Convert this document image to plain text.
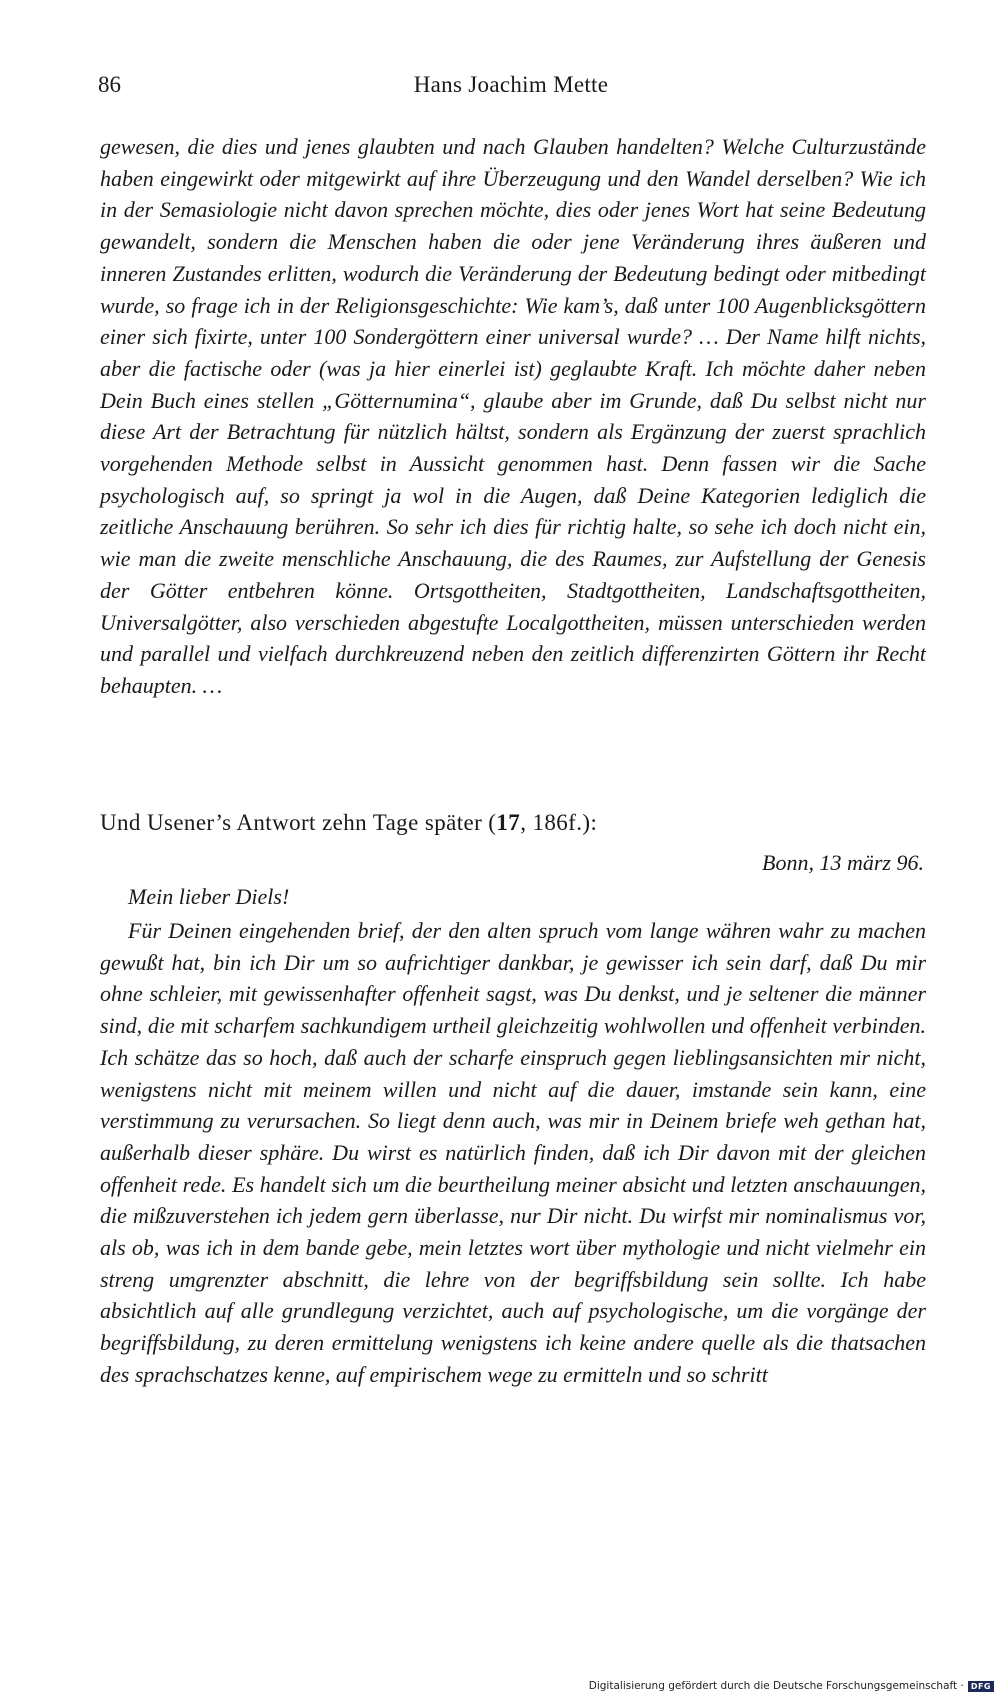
86	Hans Joachim Mette

gewesen, die dies und jenes glaubten und nach Glauben handelten? Welche Culturzustände haben eingewirkt oder mitgewirkt auf ihre Überzeugung und den Wandel derselben? Wie ich in der Semasiologie nicht davon sprechen möchte, dies oder jenes Wort hat seine Bedeutung gewandelt, sondern die Menschen haben die oder jene Veränderung ihres äußeren und inneren Zustandes erlitten, wodurch die Veränderung der Bedeutung bedingt oder mitbedingt wurde, so frage ich in der Religionsgeschichte: Wie kam’s, daß unter 100 Augenblicksgöttern einer sich fixirte, unter 100 Sondergöttern einer universal wurde? … Der Name hilft nichts, aber die factische oder (was ja hier einerlei ist) geglaubte Kraft. Ich möchte daher neben Dein Buch eines stellen „Götternumina“, glaube aber im Grunde, daß Du selbst nicht nur diese Art der Betrachtung für nützlich hältst, sondern als Ergänzung der zuerst sprachlich vorgehenden Methode selbst in Aussicht genommen hast. Denn fassen wir die Sache psychologisch auf, so springt ja wol in die Augen, daß Deine Kategorien lediglich die zeitliche Anschauung berühren. So sehr ich dies für richtig halte, so sehe ich doch nicht ein, wie man die zweite menschliche Anschauung, die des Raumes, zur Aufstellung der Genesis der Götter entbehren könne. Ortsgottheiten, Stadtgottheiten, Landschaftsgottheiten, Universalgötter, also verschieden abgestufte Localgottheiten, müssen unterschieden werden und parallel und vielfach durchkreuzend neben den zeitlich differenzirten Göttern ihr Recht behaupten. …

Und Usener’s Antwort zehn Tage später (17, 186f.):
Bonn, 13 märz 96.
Mein lieber Diels!

Für Deinen eingehenden brief, der den alten spruch vom lange währen wahr zu machen gewußt hat, bin ich Dir um so aufrichtiger dankbar, je gewisser ich sein darf, daß Du mir ohne schleier, mit gewissenhafter offenheit sagst, was Du denkst, und je seltener die männer sind, die mit scharfem sachkundigem urtheil gleichzeitig wohlwollen und offenheit verbinden. Ich schätze das so hoch, daß auch der scharfe einspruch gegen lieblingsansichten mir nicht, wenigstens nicht mit meinem willen und nicht auf die dauer, imstande sein kann, eine verstimmung zu verursachen. So liegt denn auch, was mir in Deinem briefe weh gethan hat, außerhalb dieser sphäre. Du wirst es natürlich finden, daß ich Dir davon mit der gleichen offenheit rede. Es handelt sich um die beurtheilung meiner absicht und letzten anschauungen, die mißzuverstehen ich jedem gern überlasse, nur Dir nicht. Du wirfst mir nominalismus vor, als ob, was ich in dem bande gebe, mein letztes wort über mythologie und nicht vielmehr ein streng umgrenzter abschnitt, die lehre von der begriffsbildung sein sollte. Ich habe absichtlich auf alle grundlegung verzichtet, auch auf psychologische, um die vorgänge der begriffsbildung, zu deren ermittelung wenigstens ich keine andere quelle als die thatsachen des sprachschatzes kenne, auf empirischem wege zu ermitteln und so schritt

Digitalisierung gefördert durch die Deutsche Forschungsgemeinschaft · DFG
